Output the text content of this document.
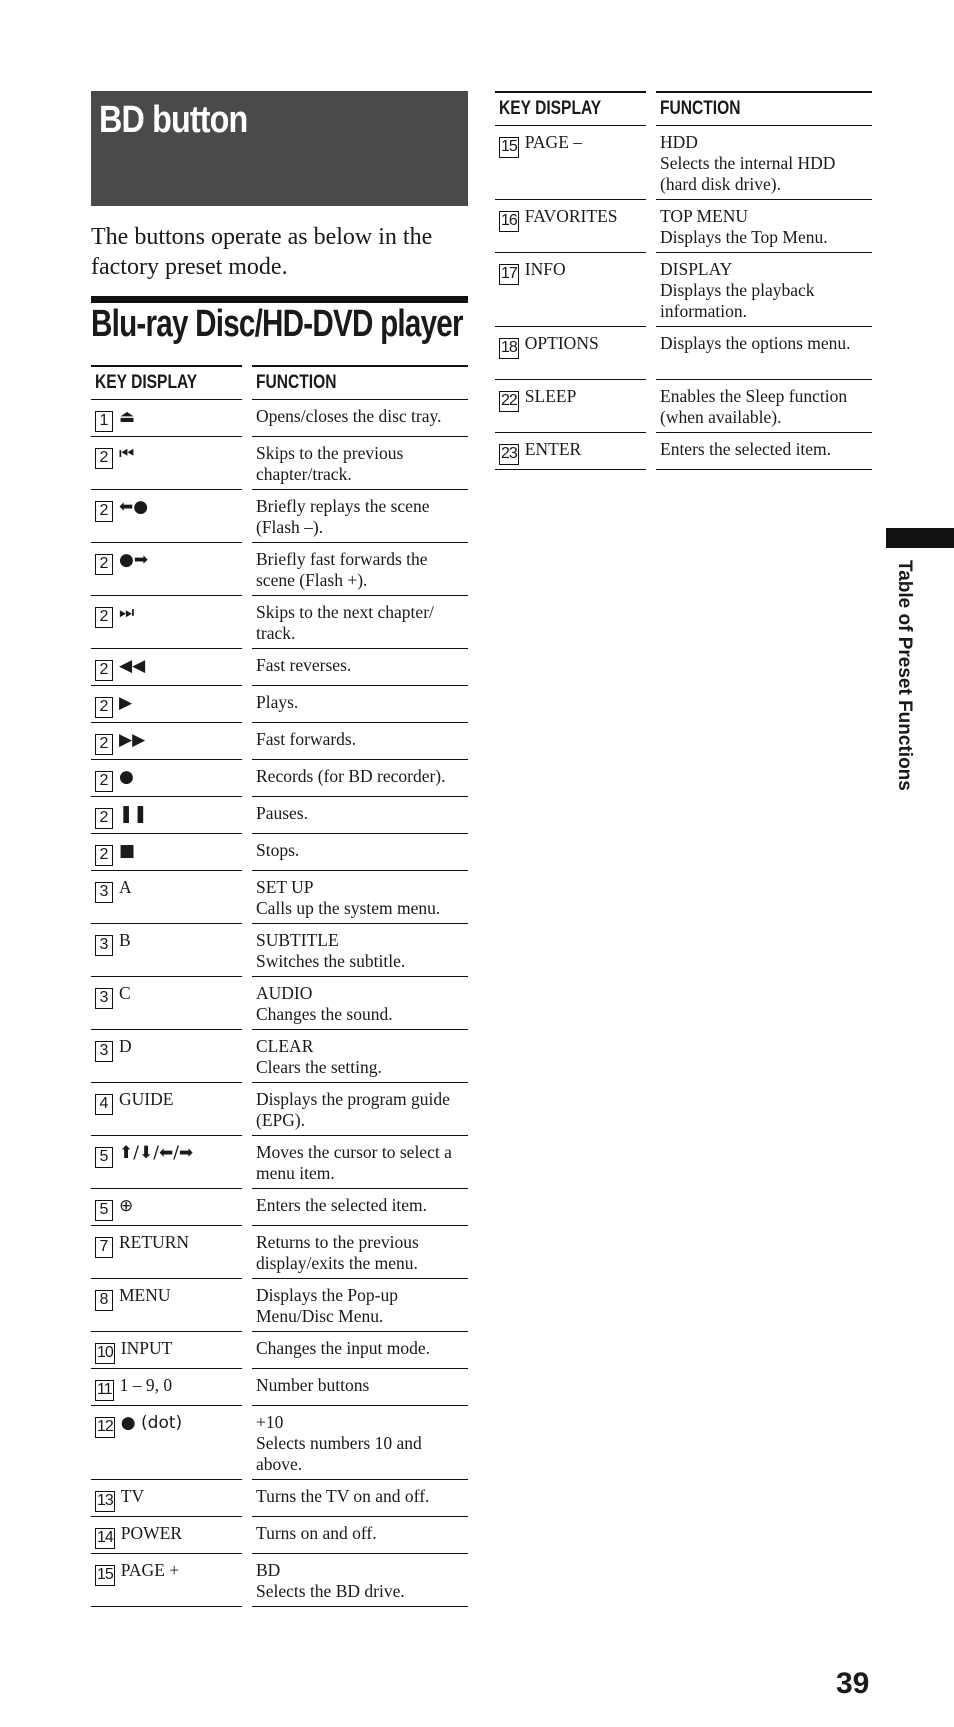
BD button

The buttons operate as below in the factory preset mode.

Blu-ray Disc/HD-DVD player
KEY DISPLAY	FUNCTION
1 ⏏	Opens/closes the disc tray.
2 ⏮	Skips to the previous chapter/track.
2 ⬅●	Briefly replays the scene (Flash –).
2 ●➡	Briefly fast forwards the scene (Flash +).
2 ⏭	Skips to the next chapter/ track.
2 ◀◀	Fast reverses.
2 ▶	Plays.
2 ▶▶	Fast forwards.
2 ●	Records (for BD recorder).
2 ❚❚	Pauses.
2 ■	Stops.
3 A	SET UP
Calls up the system menu.
3 B	SUBTITLE
Switches the subtitle.
3 C	AUDIO
Changes the sound.
3 D	CLEAR
Clears the setting.
4 GUIDE	Displays the program guide (EPG).
5 ⬆/⬇/⬅/➡	Moves the cursor to select a menu item.
5 ⊕	Enters the selected item.
7 RETURN	Returns to the previous display/exits the menu.
8 MENU	Displays the Pop-up Menu/Disc Menu.
10 INPUT	Changes the input mode.
11 1 – 9, 0	Number buttons
12 ● (dot)	+10
Selects numbers 10 and above.
13 TV	Turns the TV on and off.
14 POWER	Turns on and off.
15 PAGE +	BD
Selects the BD drive.
KEY DISPLAY	FUNCTION
15 PAGE –	HDD
Selects the internal HDD (hard disk drive).
16 FAVORITES	TOP MENU
Displays the Top Menu.
17 INFO	DISPLAY
Displays the playback information.
18 OPTIONS	Displays the options menu.
22 SLEEP	Enables the Sleep function (when available).
23 ENTER	Enters the selected item.
Table of Preset Functions
39
